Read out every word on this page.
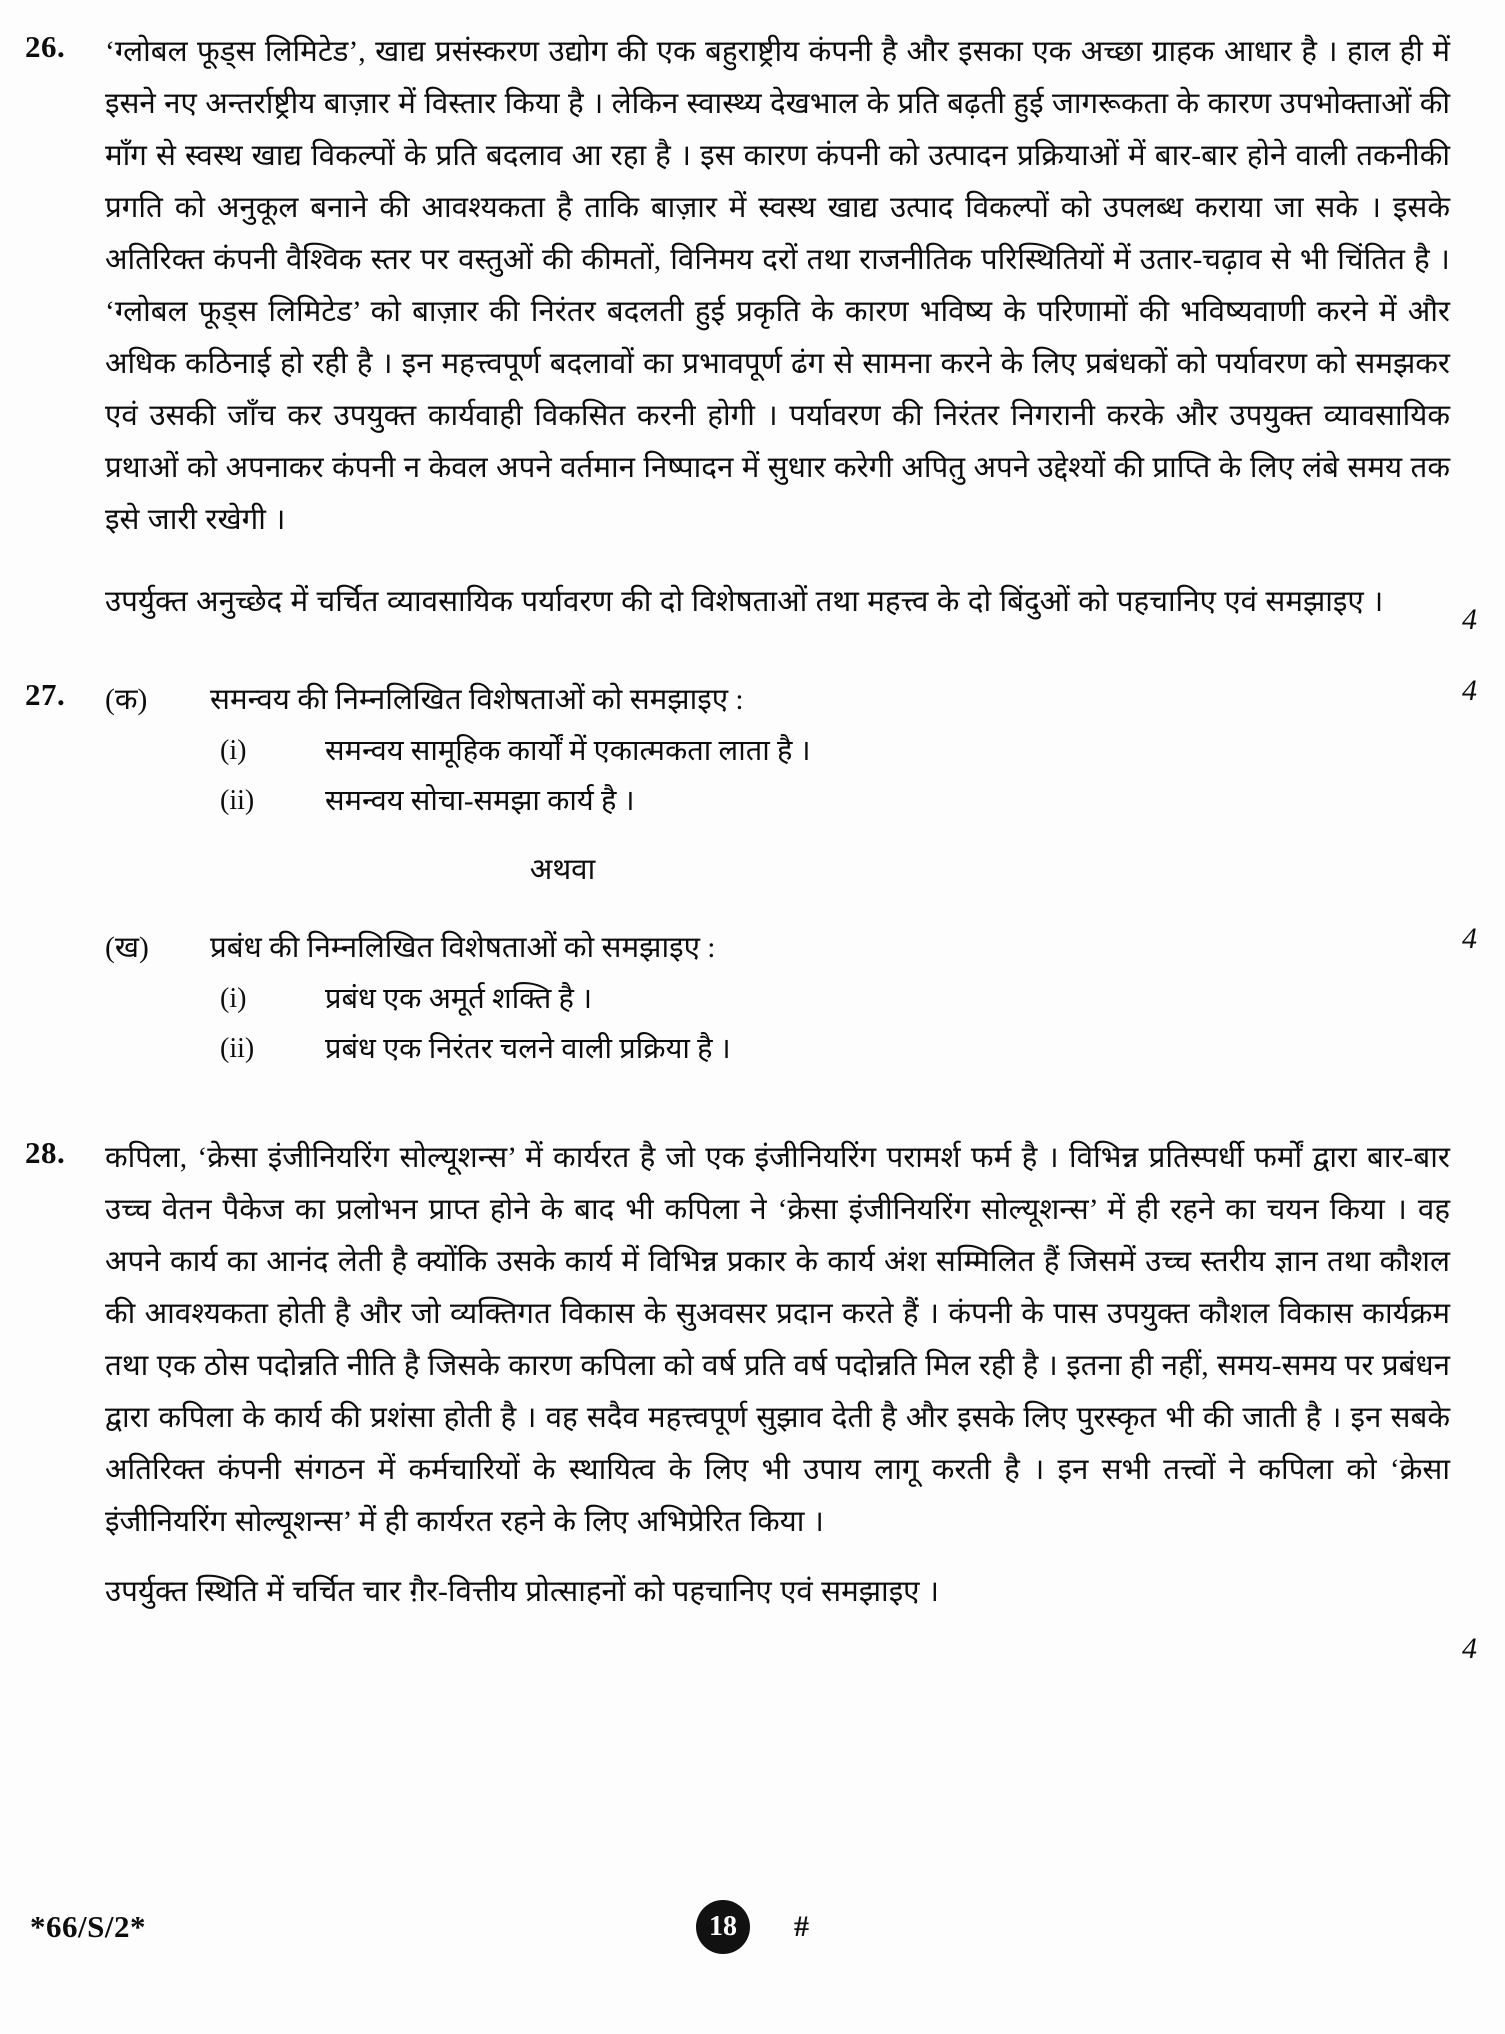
26.	‘ग्लोबल फूड्स लिमिटेड’, खाद्य प्रसंस्करण उद्योग की एक बहुराष्ट्रीय कंपनी है और इसका एक अच्छा ग्राहक आधार है । हाल ही में इसने नए अन्तर्राष्ट्रीय बाज़ार में विस्तार किया है । लेकिन स्वास्थ्य देखभाल के प्रति बढ़ती हुई जागरूकता के कारण उपभोक्ताओं की माँग से स्वस्थ खाद्य विकल्पों के प्रति बदलाव आ रहा है । इस कारण कंपनी को उत्पादन प्रक्रियाओं में बार-बार होने वाली तकनीकी प्रगति को अनुकूल बनाने की आवश्यकता है ताकि बाज़ार में स्वस्थ खाद्य उत्पाद विकल्पों को उपलब्ध कराया जा सके । इसके अतिरिक्त कंपनी वैश्विक स्तर पर वस्तुओं की कीमतों, विनिमय दरों तथा राजनीतिक परिस्थितियों में उतार-चढ़ाव से भी चिंतित है । ‘ग्लोबल फूड्स लिमिटेड’ को बाज़ार की निरंतर बदलती हुई प्रकृति के कारण भविष्य के परिणामों की भविष्यवाणी करने में और अधिक कठिनाई हो रही है । इन महत्त्वपूर्ण बदलावों का प्रभावपूर्ण ढंग से सामना करने के लिए प्रबंधकों को पर्यावरण को समझकर एवं उसकी जाँच कर उपयुक्त कार्यवाही विकसित करनी होगी । पर्यावरण की निरंतर निगरानी करके और उपयुक्त व्यावसायिक प्रथाओं को अपनाकर कंपनी न केवल अपने वर्तमान निष्पादन में सुधार करेगी अपितु अपने उद्देश्यों की प्राप्ति के लिए लंबे समय तक इसे जारी रखेगी ।

उपर्युक्त अनुच्छेद में चर्चित व्यावसायिक पर्यावरण की दो विशेषताओं तथा महत्त्व के दो बिंदुओं को पहचानिए एवं समझाइए ।

4
27.	(क)	समन्वय की निम्नलिखित विशेषताओं को समझाइए :	4
(i)	समन्वय सामूहिक कार्यों में एकात्मकता लाता है ।
(ii)	समन्वय सोचा-समझा कार्य है ।
अथवा
(ख)	प्रबंध की निम्नलिखित विशेषताओं को समझाइए :	4
(i)	प्रबंध एक अमूर्त शक्ति है ।
(ii)	प्रबंध एक निरंतर चलने वाली प्रक्रिया है ।
28.	कपिला, ‘क्रेसा इंजीनियरिंग सोल्यूशन्स’ में कार्यरत है जो एक इंजीनियरिंग परामर्श फर्म है । विभिन्न प्रतिस्पर्धी फर्मों द्वारा बार-बार उच्च वेतन पैकेज का प्रलोभन प्राप्त होने के बाद भी कपिला ने ‘क्रेसा इंजीनियरिंग सोल्यूशन्स’ में ही रहने का चयन किया । वह अपने कार्य का आनंद लेती है क्योंकि उसके कार्य में विभिन्न प्रकार के कार्य अंश सम्मिलित हैं जिसमें उच्च स्तरीय ज्ञान तथा कौशल की आवश्यकता होती है और जो व्यक्तिगत विकास के सुअवसर प्रदान करते हैं । कंपनी के पास उपयुक्त कौशल विकास कार्यक्रम तथा एक ठोस पदोन्नति नीति है जिसके कारण कपिला को वर्ष प्रति वर्ष पदोन्नति मिल रही है । इतना ही नहीं, समय-समय पर प्रबंधन द्वारा कपिला के कार्य की प्रशंसा होती है । वह सदैव महत्त्वपूर्ण सुझाव देती है और इसके लिए पुरस्कृत भी की जाती है । इन सबके अतिरिक्त कंपनी संगठन में कर्मचारियों के स्थायित्व के लिए भी उपाय लागू करती है । इन सभी तत्त्वों ने कपिला को ‘क्रेसा इंजीनियरिंग सोल्यूशन्स’ में ही कार्यरत रहने के लिए अभिप्रेरित किया ।

उपर्युक्त स्थिति में चर्चित चार ग़ैर-वित्तीय प्रोत्साहनों को पहचानिए एवं समझाइए ।

4
*66/S/2*	18	#
